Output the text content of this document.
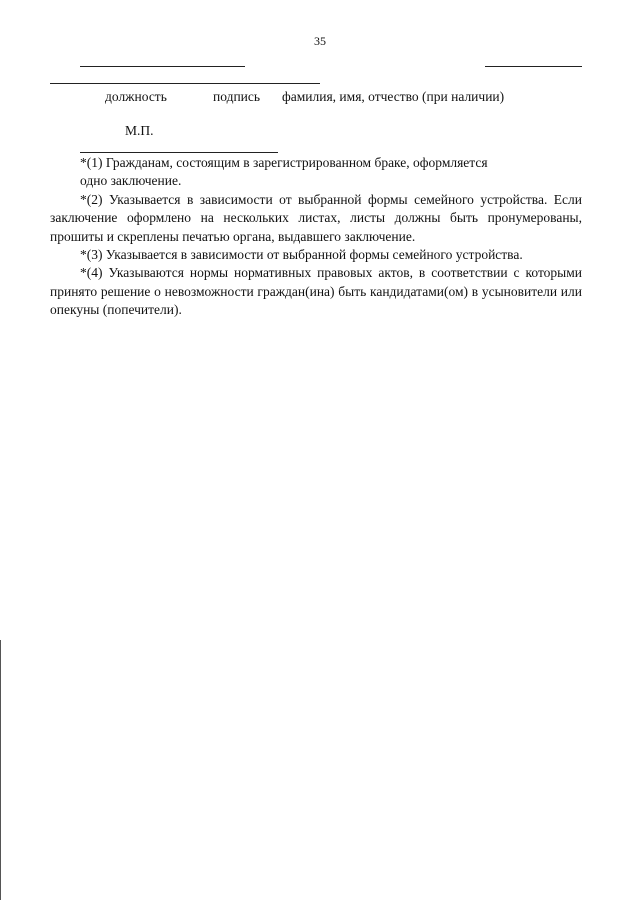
35
должность	подпись фамилия, имя, отчество (при наличии)
М.П.

*(1) Гражданам, состоящим в зарегистрированном браке, оформляется
одно заключение.

*(2) Указывается в зависимости от выбранной формы семейного устройства. Если заключение оформлено на нескольких листах, листы должны быть пронумерованы, прошиты и скреплены печатью органа, выдавшего заключение.

*(3) Указывается в зависимости от выбранной формы семейного устройства.

*(4) Указываются нормы нормативных правовых актов, в соответствии с которыми принято решение о невозможности граждан(ина) быть кандидатами(ом) в усыновители или опекуны (попечители).
